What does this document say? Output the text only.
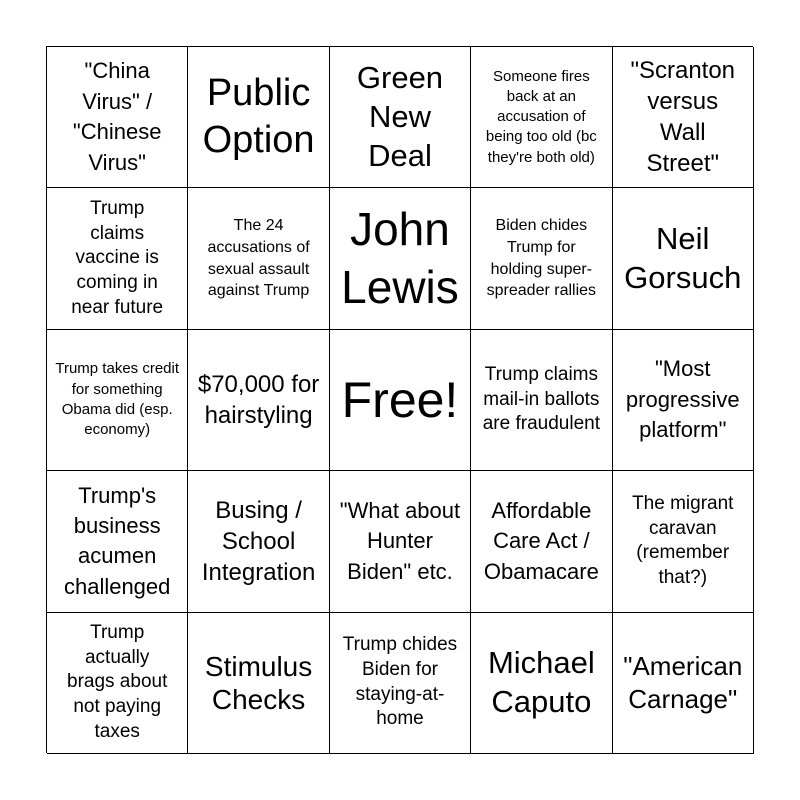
"China Virus" / "Chinese Virus"
Public Option
Green New Deal
Someone fires back at an accusation of being too old (bc they're both old)
"Scranton versus Wall Street"
Trump claims vaccine is coming in near future
The 24 accusations of sexual assault against Trump
John Lewis
Biden chides Trump for holding super-spreader rallies
Neil Gorsuch
Trump takes credit for something Obama did (esp. economy)
$70,000 for hairstyling Free! Trump claims mail-in ballots are fraudulent
"Most progressive platform"
Trump's business acumen challenged
Busing / School Integration
"What about Hunter Biden" etc.
Affordable Care Act / Obamacare
The migrant caravan (remember that?)
Trump actually brags about not paying taxes
Stimulus Checks
Trump chides Biden for staying-at-home
Michael Caputo
"American Carnage"
